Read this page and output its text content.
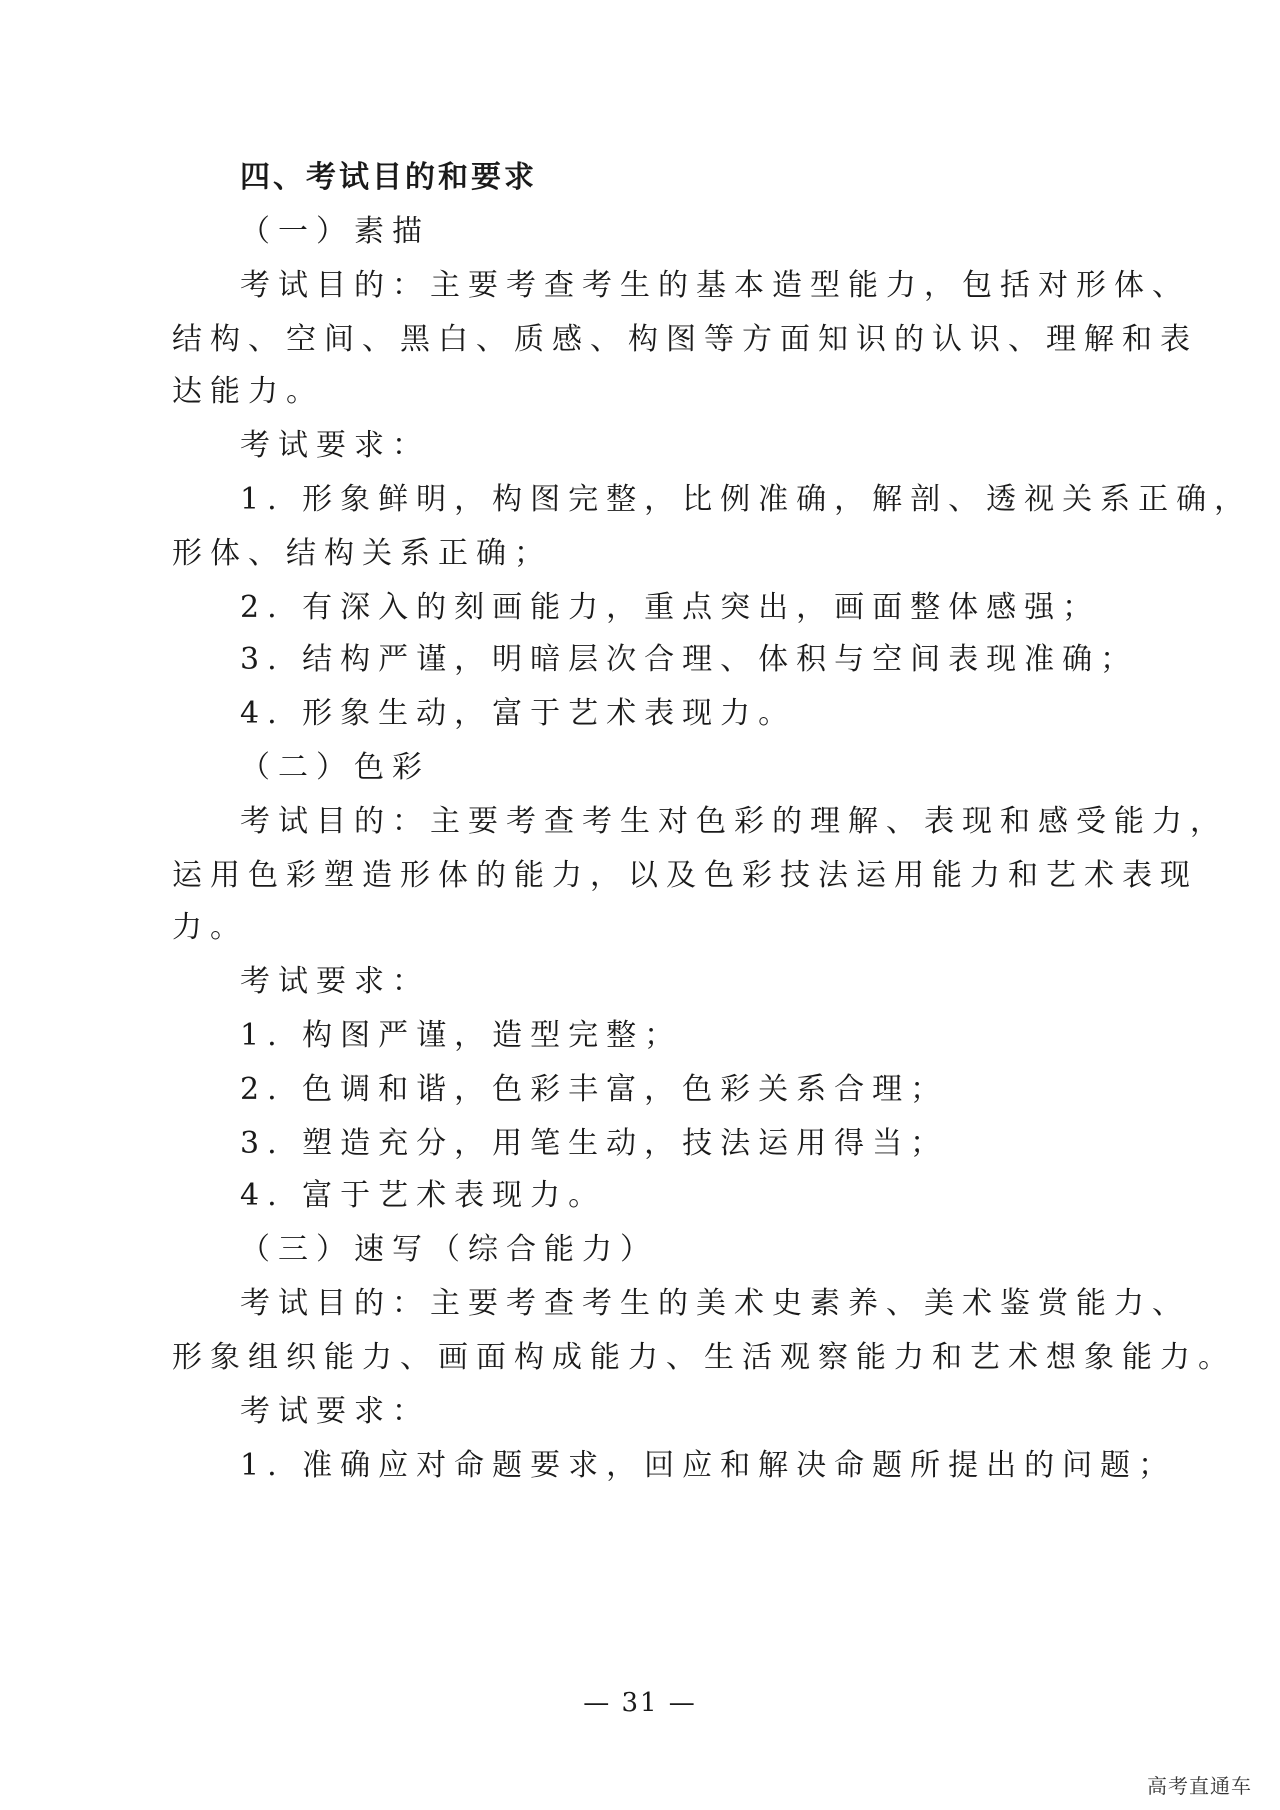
四、考试目的和要求
（一）素描
考试目的：主要考查考生的基本造型能力，包括对形体、
结构、空间、黑白、质感、构图等方面知识的认识、理解和表
达能力。
考试要求：
1. 形象鲜明，构图完整，比例准确，解剖、透视关系正确，
形体、结构关系正确；
2. 有深入的刻画能力，重点突出，画面整体感强；
3. 结构严谨，明暗层次合理、体积与空间表现准确；
4. 形象生动，富于艺术表现力。
（二）色彩
考试目的：主要考查考生对色彩的理解、表现和感受能力，
运用色彩塑造形体的能力，以及色彩技法运用能力和艺术表现
力。
考试要求：
1. 构图严谨，造型完整；
2. 色调和谐，色彩丰富，色彩关系合理；
3. 塑造充分，用笔生动，技法运用得当；
4. 富于艺术表现力。
（三）速写（综合能力）
考试目的：主要考查考生的美术史素养、美术鉴赏能力、
形象组织能力、画面构成能力、生活观察能力和艺术想象能力。
考试要求：
1. 准确应对命题要求，回应和解决命题所提出的问题；
— 31 —
高考直通车
